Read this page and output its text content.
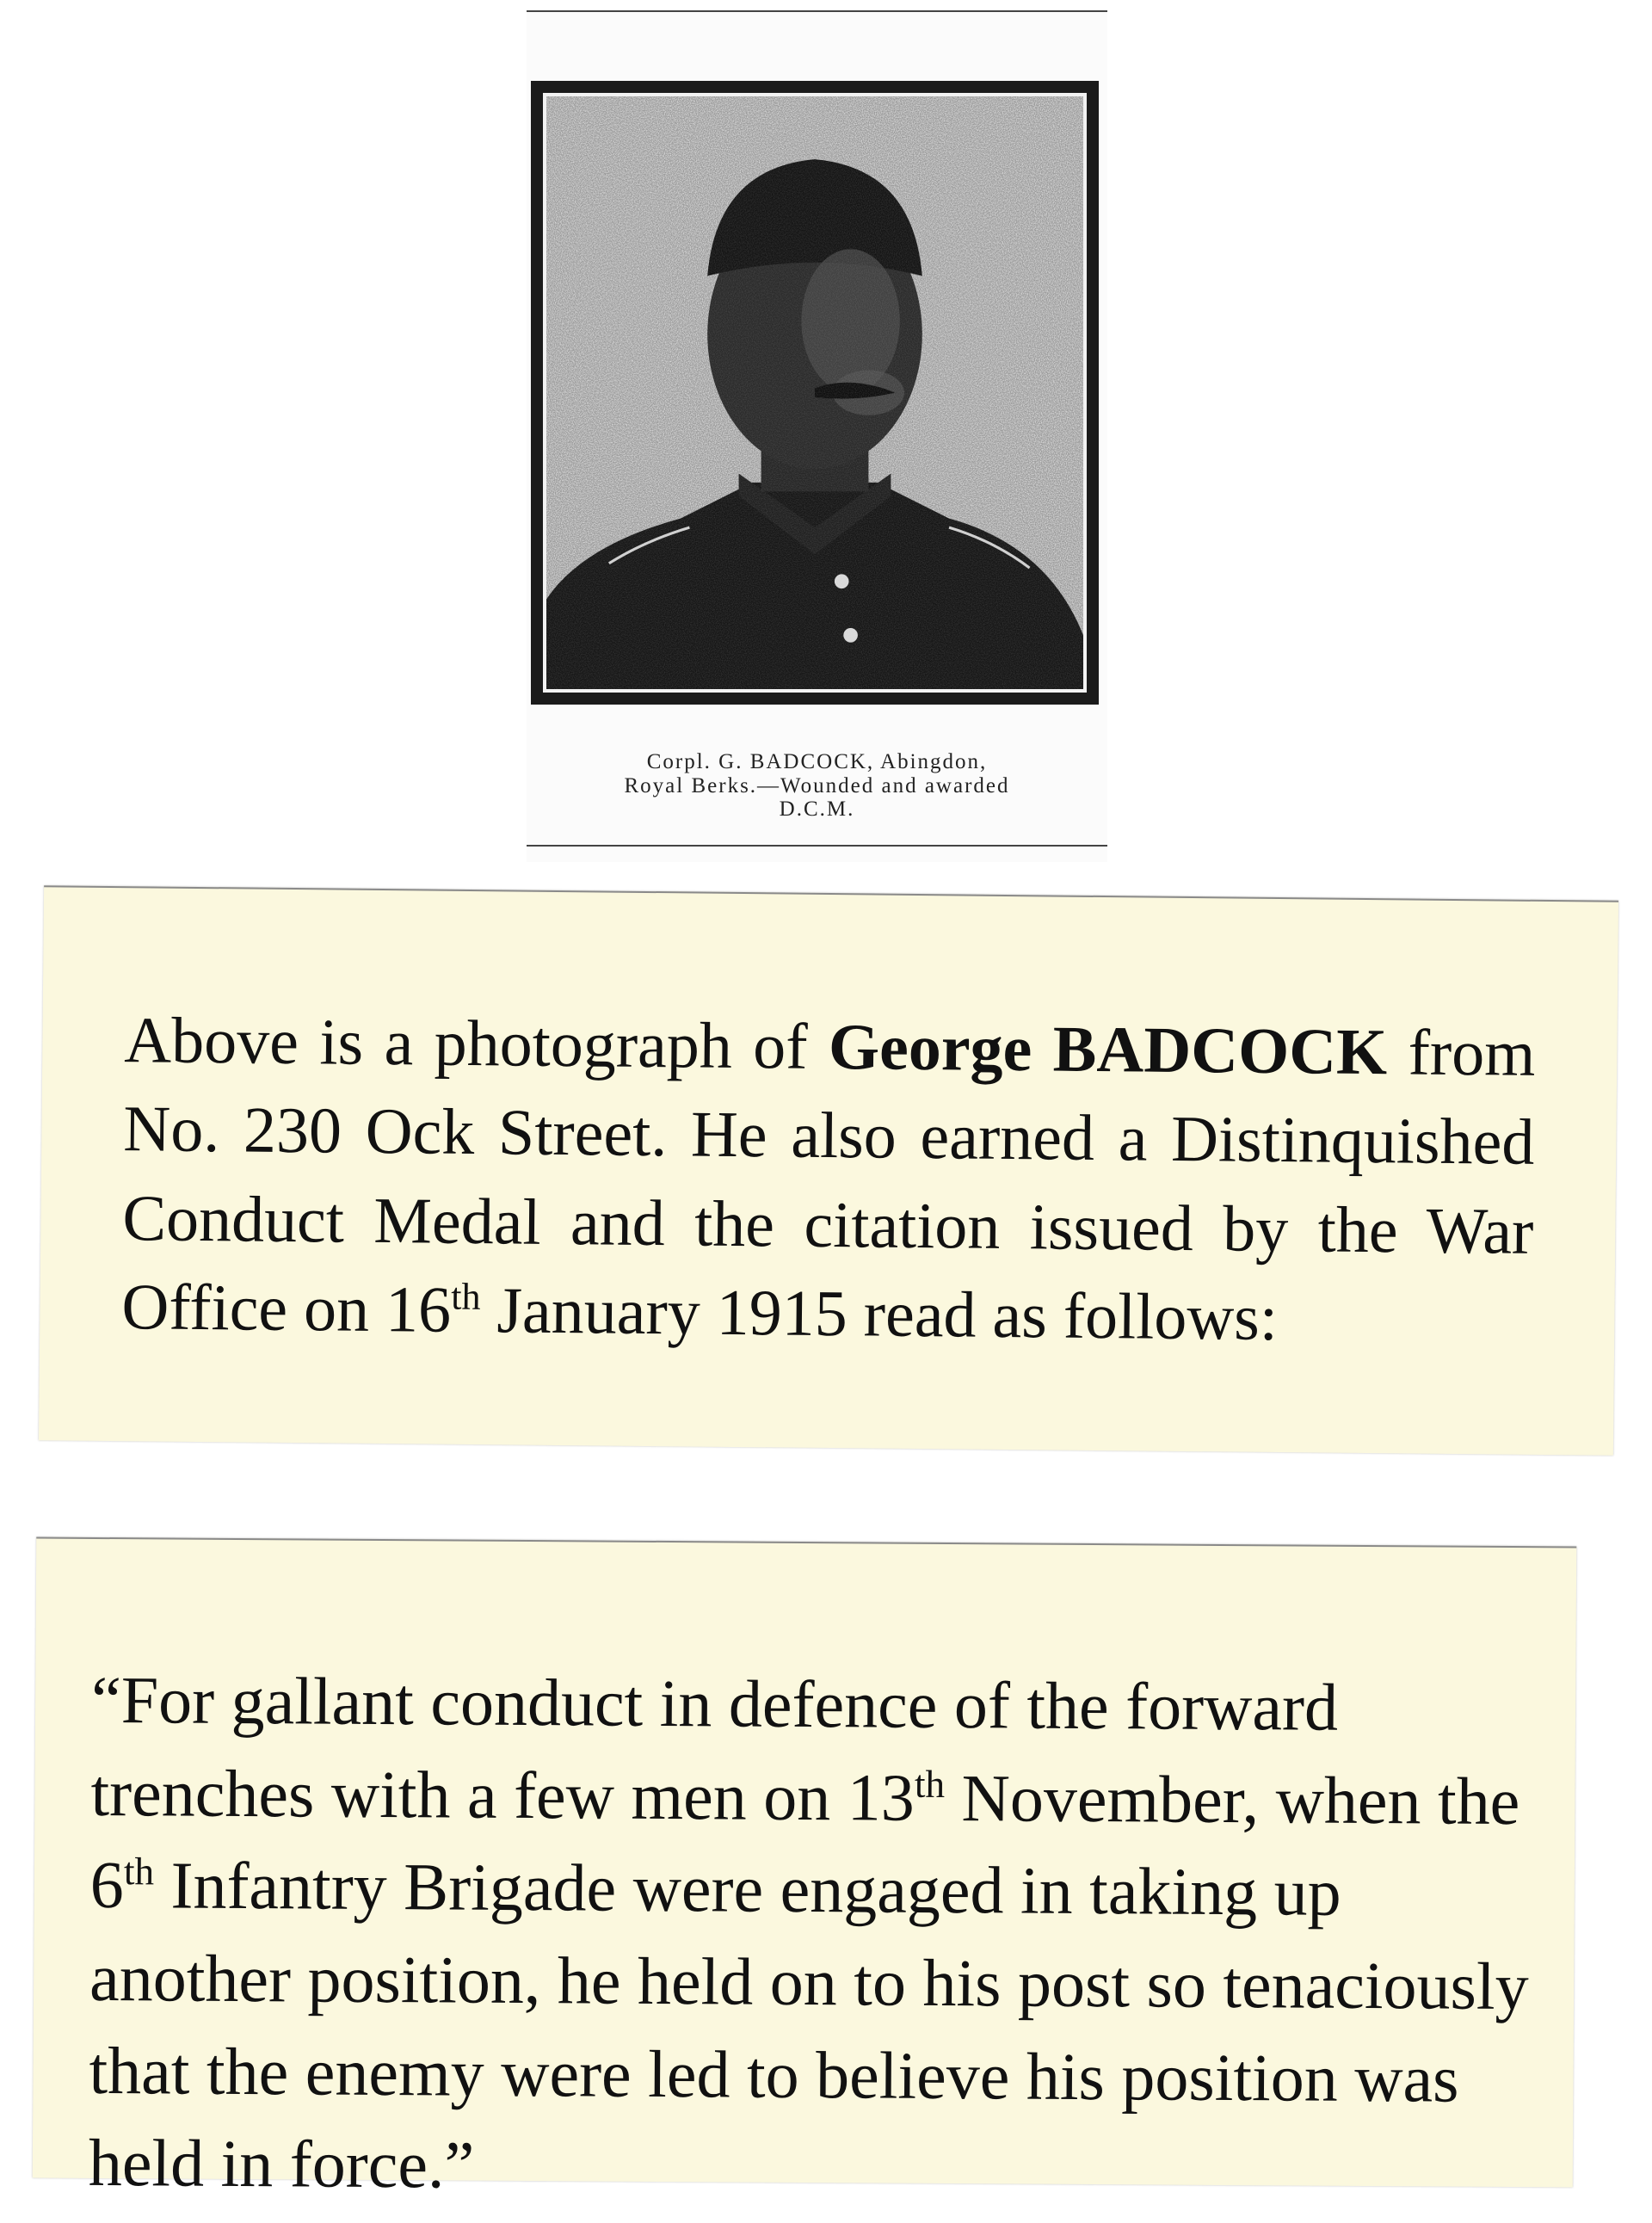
Corpl. G. BADCOCK, Abingdon,
Royal Berks.—Wounded and awarded
D.C.M.

Above is a photograph of George BADCOCK from No. 230 Ock Street. He also earned a Distinquished Conduct Medal and the citation issued by the War Office on 16th January 1915 read as follows:

“For gallant conduct in defence of the forward trenches with a few men on 13th November, when the 6th Infantry Brigade were engaged in taking up another position, he held on to his post so tenaciously that the enemy were led to believe his position was held in force.”
